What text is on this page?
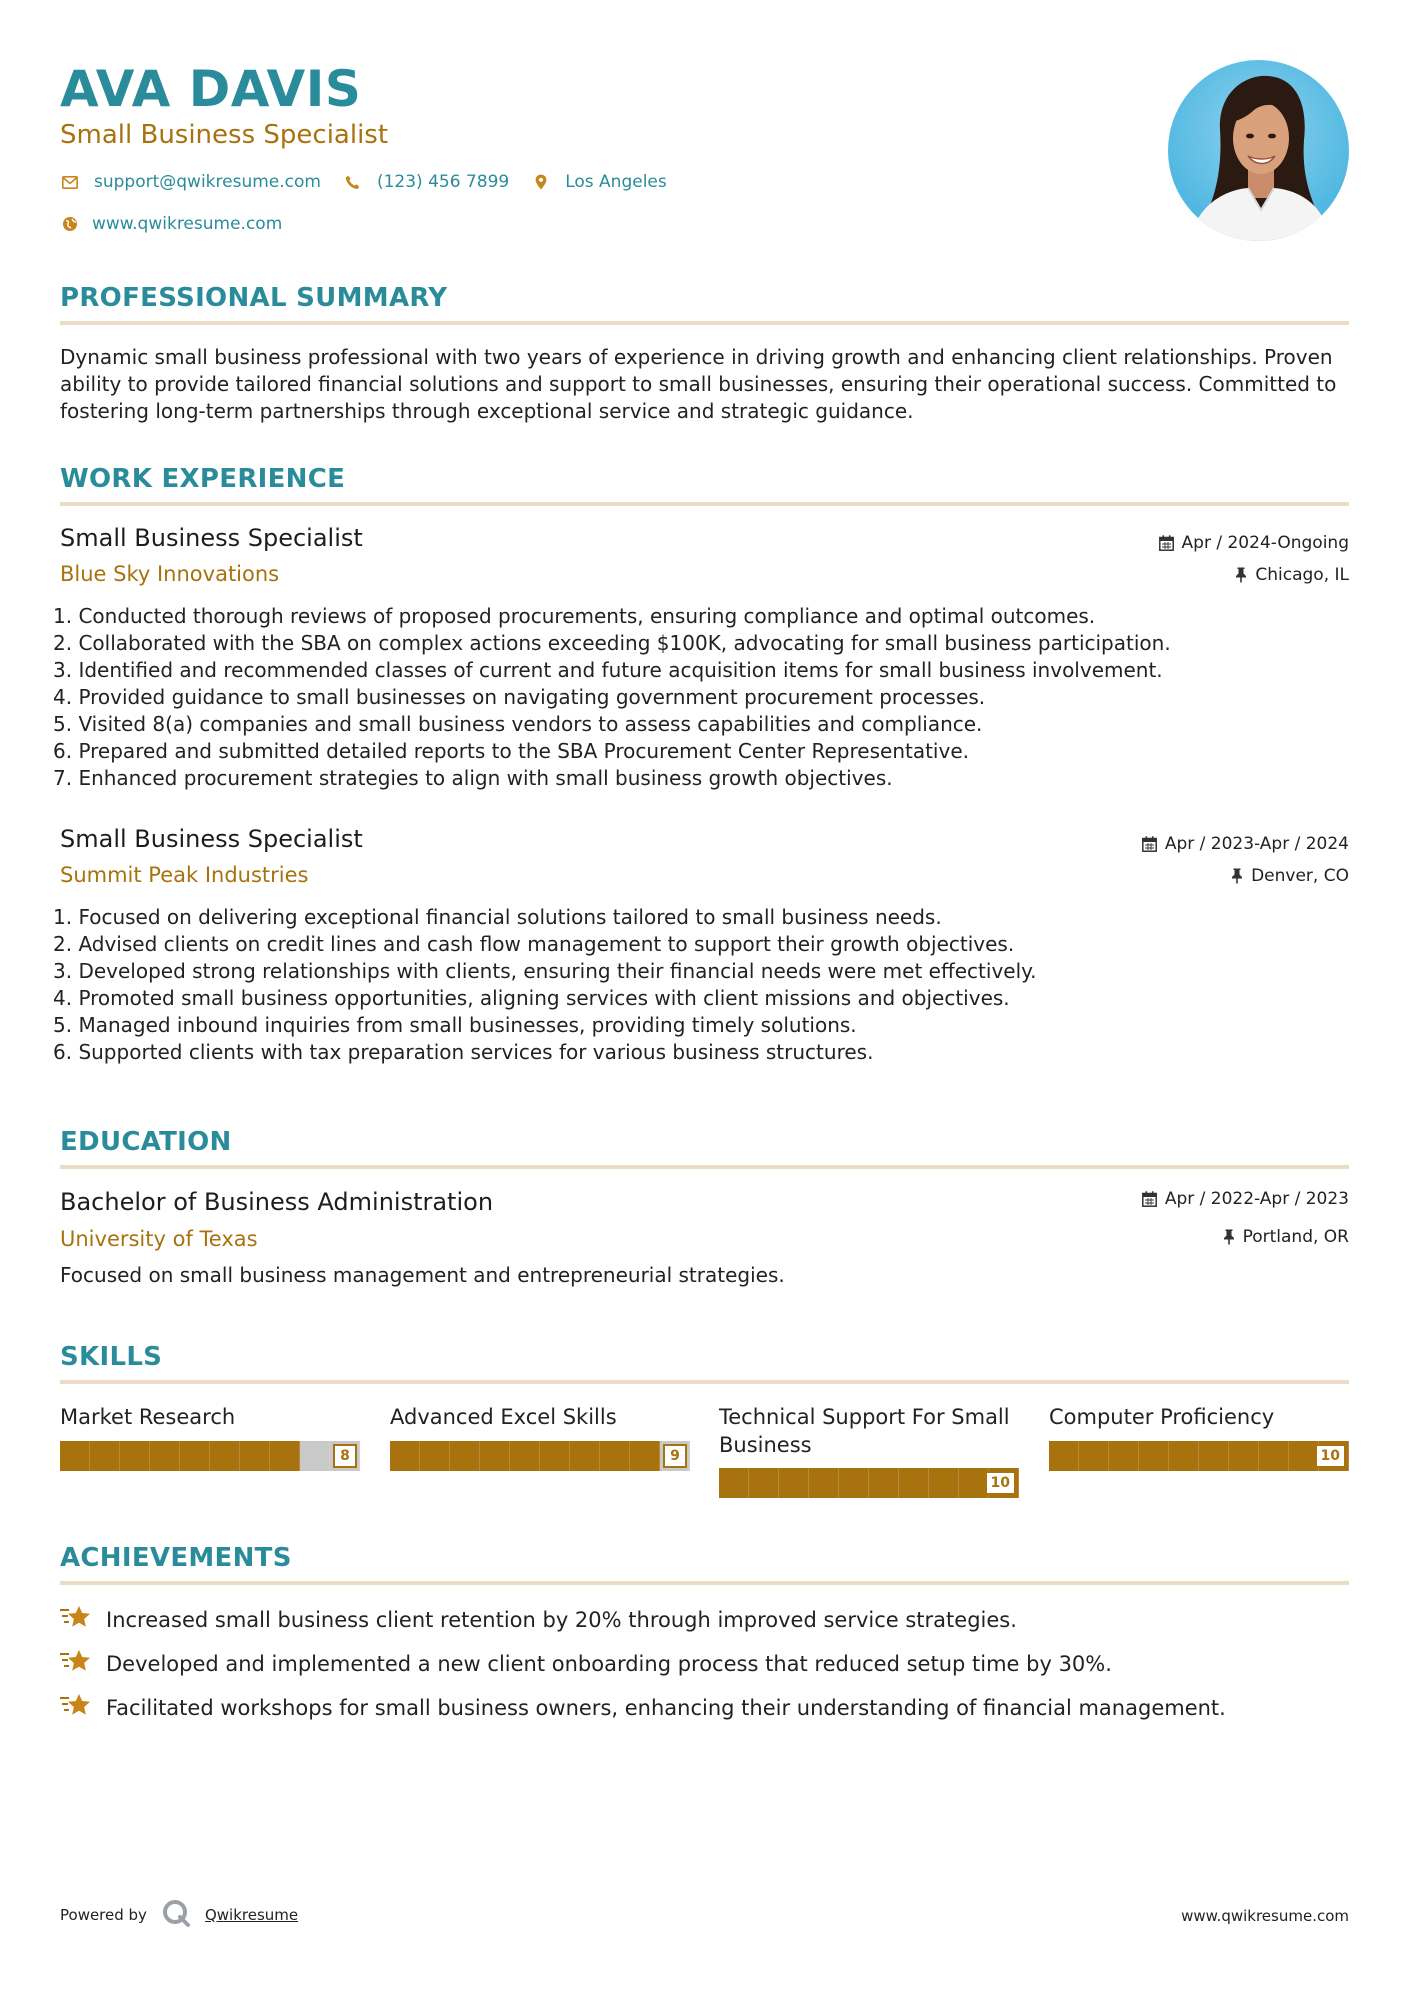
AVA DAVIS
Small Business Specialist
support@qwikresume.com	(123) 456 7899	Los Angeles
www.qwikresume.com
PROFESSIONAL SUMMARY
Dynamic small business professional with two years of experience in driving growth and enhancing client relationships. Proven ability to provide tailored financial solutions and support to small businesses, ensuring their operational success. Committed to fostering long-term partnerships through exceptional service and strategic guidance.
WORK EXPERIENCE
Small Business Specialist
Blue Sky Innovations
Apr / 2024-Ongoing
Chicago, IL
1. Conducted thorough reviews of proposed procurements, ensuring compliance and optimal outcomes.
2. Collaborated with the SBA on complex actions exceeding $100K, advocating for small business participation.
3. Identified and recommended classes of current and future acquisition items for small business involvement.
4. Provided guidance to small businesses on navigating government procurement processes.
5. Visited 8(a) companies and small business vendors to assess capabilities and compliance.
6. Prepared and submitted detailed reports to the SBA Procurement Center Representative.
7. Enhanced procurement strategies to align with small business growth objectives.
Small Business Specialist
Summit Peak Industries
Apr / 2023-Apr / 2024
Denver, CO
1. Focused on delivering exceptional financial solutions tailored to small business needs.
2. Advised clients on credit lines and cash flow management to support their growth objectives.
3. Developed strong relationships with clients, ensuring their financial needs were met effectively.
4. Promoted small business opportunities, aligning services with client missions and objectives.
5. Managed inbound inquiries from small businesses, providing timely solutions.
6. Supported clients with tax preparation services for various business structures.
EDUCATION
Bachelor of Business Administration
University of Texas
Apr / 2022-Apr / 2023
Portland, OR
Focused on small business management and entrepreneurial strategies.
SKILLS
Market Research
8
Advanced Excel Skills
9
Technical Support For Small Business
10
Computer Proficiency
10
ACHIEVEMENTS
Increased small business client retention by 20% through improved service strategies.
Developed and implemented a new client onboarding process that reduced setup time by 30%.
Facilitated workshops for small business owners, enhancing their understanding of financial management.
Powered by	Qwikresume	www.qwikresume.com
